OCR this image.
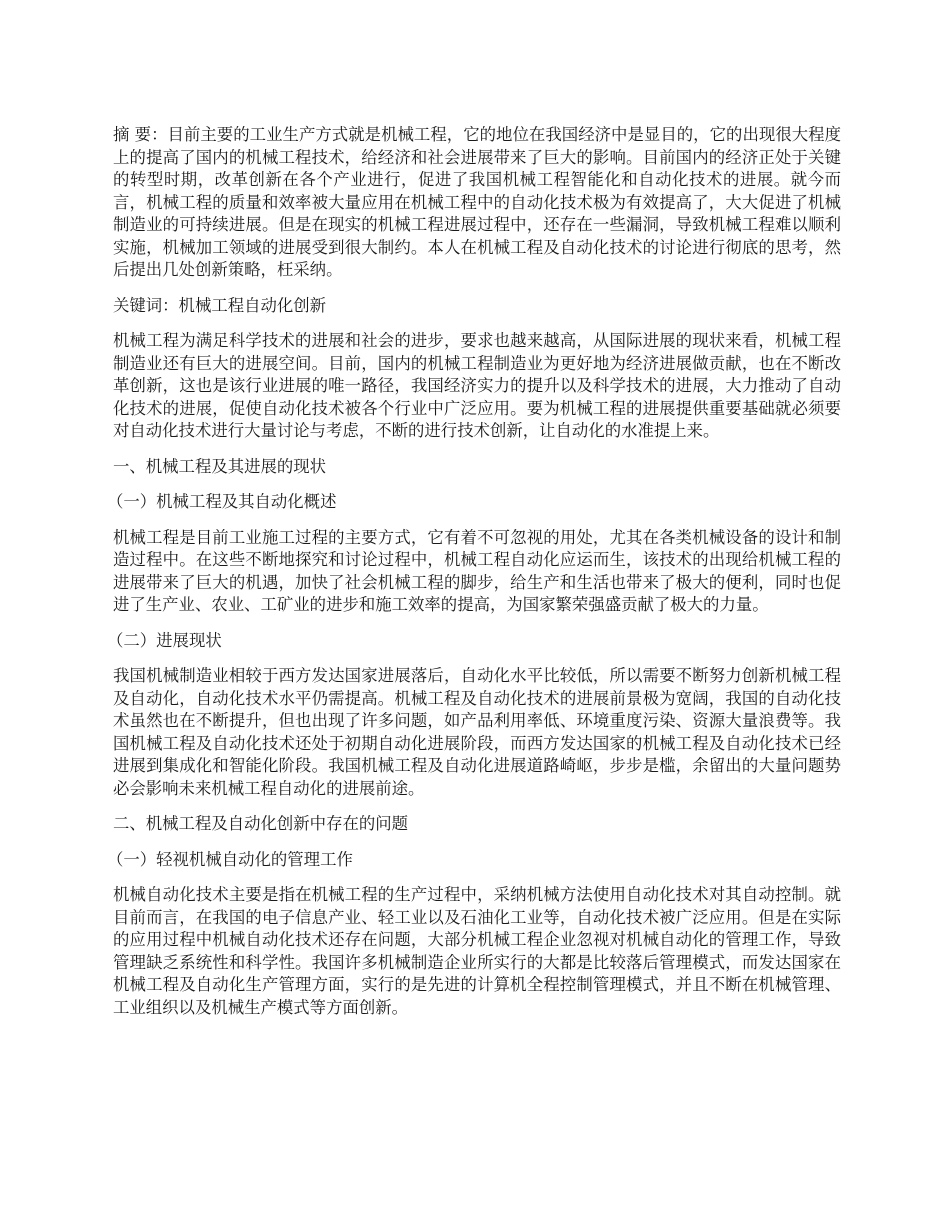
摘 要：目前主要的工业生产方式就是机械工程，它的地位在我国经济中是显目的，它的出现很大程度上的提高了国内的机械工程技术，给经济和社会进展带来了巨大的影响。目前国内的经济正处于关键的转型时期，改革创新在各个产业进行，促进了我国机械工程智能化和自动化技术的进展。就今而言，机械工程的质量和效率被大量应用在机械工程中的自动化技术极为有效提高了，大大促进了机械制造业的可持续进展。但是在现实的机械工程进展过程中，还存在一些漏洞，导致机械工程难以顺利实施，机械加工领域的进展受到很大制约。本人在机械工程及自动化技术的讨论进行彻底的思考，然后提出几处创新策略，枉采纳。

关键词：机械工程自动化创新

机械工程为满足科学技术的进展和社会的进步，要求也越来越高，从国际进展的现状来看，机械工程制造业还有巨大的进展空间。目前，国内的机械工程制造业为更好地为经济进展做贡献，也在不断改革创新，这也是该行业进展的唯一路径，我国经济实力的提升以及科学技术的进展，大力推动了自动化技术的进展，促使自动化技术被各个行业中广泛应用。要为机械工程的进展提供重要基础就必须要对自动化技术进行大量讨论与考虑，不断的进行技术创新，让自动化的水准提上来。

一、机械工程及其进展的现状

（一）机械工程及其自动化概述

机械工程是目前工业施工过程的主要方式，它有着不可忽视的用处，尤其在各类机械设备的设计和制造过程中。在这些不断地探究和讨论过程中，机械工程自动化应运而生，该技术的出现给机械工程的进展带来了巨大的机遇，加快了社会机械工程的脚步，给生产和生活也带来了极大的便利，同时也促进了生产业、农业、工矿业的进步和施工效率的提高，为国家繁荣强盛贡献了极大的力量。

（二）进展现状

我国机械制造业相较于西方发达国家进展落后，自动化水平比较低，所以需要不断努力创新机械工程及自动化，自动化技术水平仍需提高。机械工程及自动化技术的进展前景极为宽阔，我国的自动化技术虽然也在不断提升，但也出现了许多问题，如产品利用率低、环境重度污染、资源大量浪费等。我国机械工程及自动化技术还处于初期自动化进展阶段，而西方发达国家的机械工程及自动化技术已经进展到集成化和智能化阶段。我国机械工程及自动化进展道路崎岖，步步是槛，余留出的大量问题势必会影响未来机械工程自动化的进展前途。

二、机械工程及自动化创新中存在的问题

（一）轻视机械自动化的管理工作

机械自动化技术主要是指在机械工程的生产过程中，采纳机械方法使用自动化技术对其自动控制。就目前而言，在我国的电子信息产业、轻工业以及石油化工业等，自动化技术被广泛应用。但是在实际的应用过程中机械自动化技术还存在问题，大部分机械工程企业忽视对机械自动化的管理工作，导致管理缺乏系统性和科学性。我国许多机械制造企业所实行的大都是比较落后管理模式，而发达国家在机械工程及自动化生产管理方面，实行的是先进的计算机全程控制管理模式，并且不断在机械管理、工业组织以及机械生产模式等方面创新。
